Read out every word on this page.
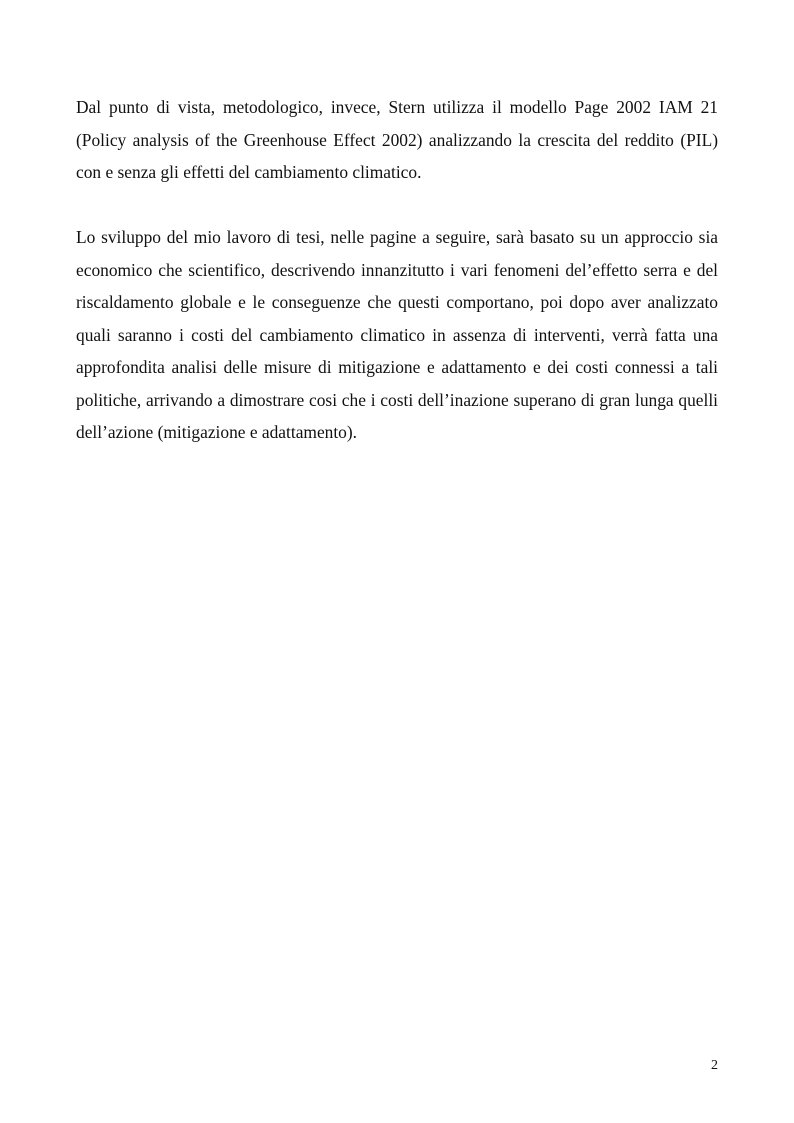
Dal punto di vista, metodologico, invece, Stern utilizza il modello Page 2002 IAM 21 (Policy analysis of the Greenhouse Effect 2002) analizzando la crescita del reddito (PIL) con e senza gli effetti del cambiamento climatico.

Lo sviluppo del mio lavoro di tesi, nelle pagine a seguire, sarà basato su un approccio sia economico che scientifico, descrivendo innanzitutto i vari fenomeni del’effetto serra e del riscaldamento globale e le conseguenze che questi comportano, poi dopo aver analizzato quali saranno i costi del cambiamento climatico in assenza di interventi, verrà fatta una approfondita analisi delle misure di mitigazione e adattamento e dei costi connessi a tali politiche, arrivando a dimostrare cosi che i costi dell’inazione superano di gran lunga quelli dell’azione (mitigazione e adattamento).

2
